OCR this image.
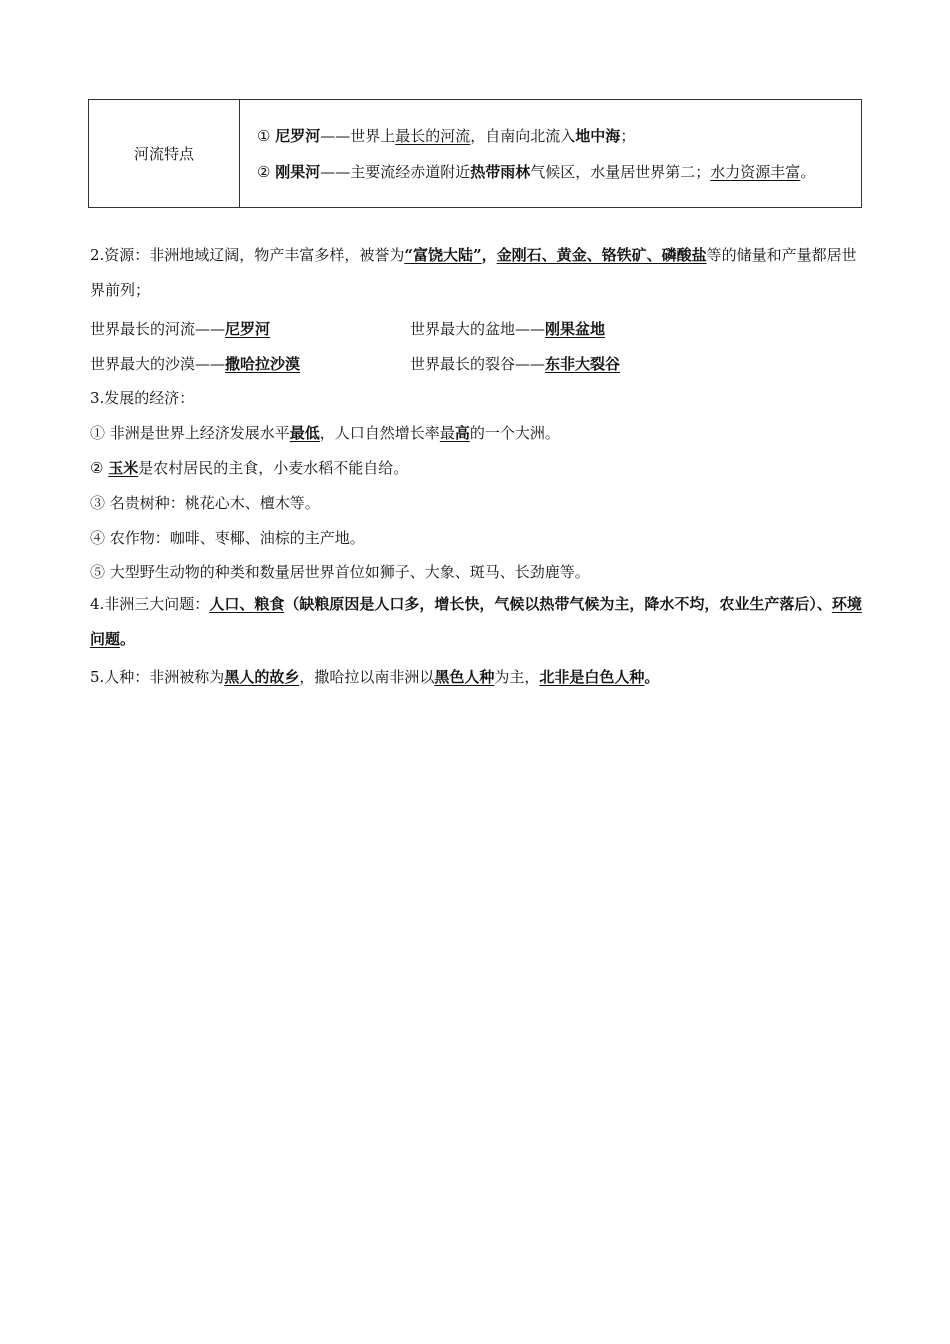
河流特点	
① 尼罗河——世界上最长的河流，自南向北流入地中海；
② 刚果河——主要流经赤道附近热带雨林气候区，水量居世界第二；水力资源丰富。
2.资源：非洲地域辽阔，物产丰富多样，被誉为“富饶大陆”，金刚石、黄金、铬铁矿、磷酸盐等的储量和产量都居世界前列；
世界最长的河流——尼罗河	世界最大的盆地——刚果盆地
世界最大的沙漠——撒哈拉沙漠	世界最长的裂谷——东非大裂谷
3.发展的经济：
① 非洲是世界上经济发展水平最低，人口自然增长率最高的一个大洲。
② 玉米是农村居民的主食，小麦水稻不能自给。
③ 名贵树种：桃花心木、檀木等。
④ 农作物：咖啡、枣椰、油棕的主产地。
⑤ 大型野生动物的种类和数量居世界首位如狮子、大象、斑马、长劲鹿等。
4.非洲三大问题：人口、粮食（缺粮原因是人口多，增长快，气候以热带气候为主，降水不均，农业生产落后）、环境问题。
5.人种：非洲被称为黑人的故乡，撒哈拉以南非洲以黑色人种为主，北非是白色人种。
